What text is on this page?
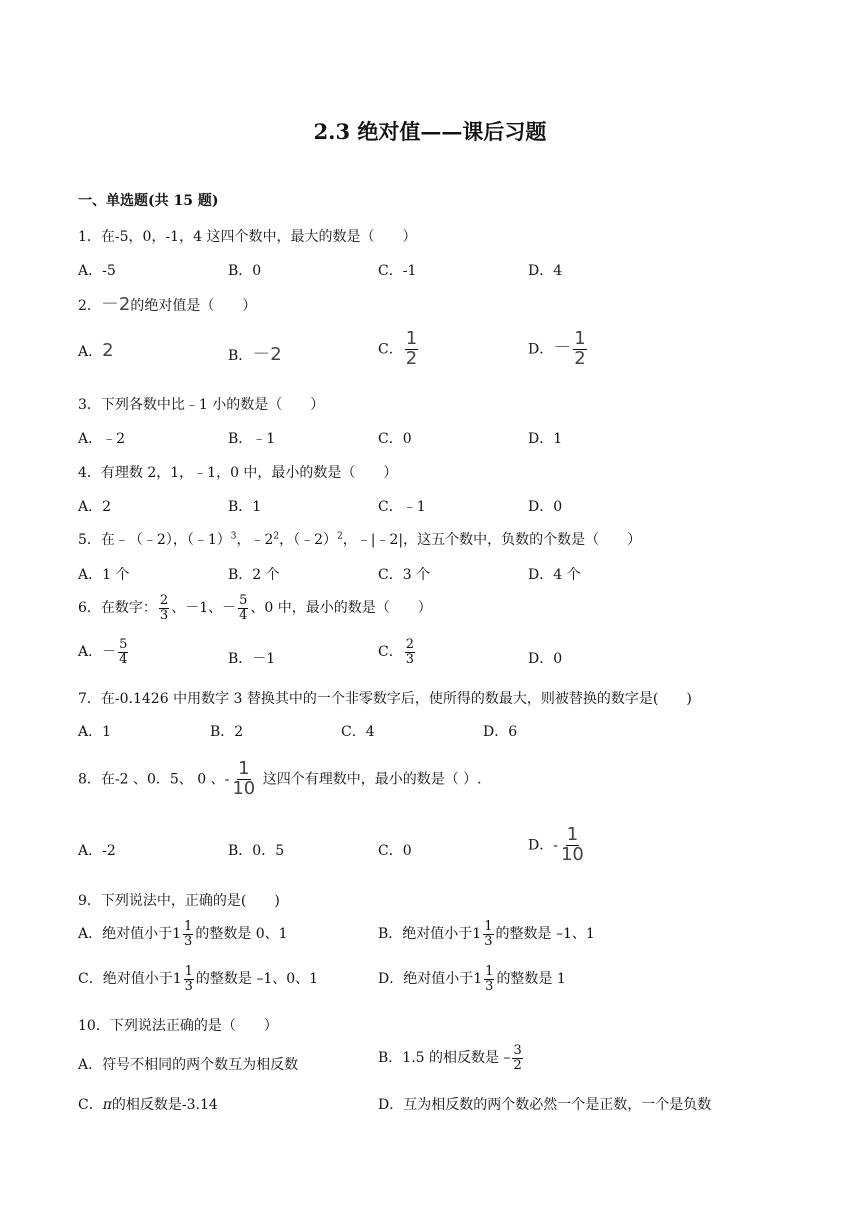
2.3 绝对值——课后习题
一、单选题(共 15 题)
1．在-5，0，-1，4 这四个数中，最大的数是（　　）
A．-5	B．0	C．-1	D．4
2．－2的绝对值是（　　）
A．2	B．－2	C． $\frac{1}{2}$	D．－ $\frac{1}{2}$
3．下列各数中比﹣1 小的数是（　　）
A．﹣2	B．﹣1	C．0	D．1
4．有理数 2，1，﹣1，0 中，最小的数是（　　）
A．2	B．1	C．﹣1	D．0
5．在﹣（﹣2），（﹣1）$^3$，$﹣2^2$，（﹣2）$^2$，﹣|﹣2|，这五个数中，负数的个数是（　　）
A．1 个	B．2 个	C．3 个	D．4 个
6．在数字： $\frac{2}{3}$ 、－1、－ $\frac{5}{4}$ 、0 中，最小的数是（　　）
A．－ $\frac{5}{4}$	B．－1	C． $\frac{2}{3}$	D．0
7．在-0.1426 中用数字 3 替换其中的一个非零数字后，使所得的数最大，则被替换的数字是(　　)
A．1	B．2	C．4	D．6
8．在-2 、0．5、 0 、- $\frac{1}{10}$ 这四个有理数中，最小的数是（ ）.
A．-2	B．0．5	C．0	D．- $\frac{1}{10}$
9．下列说法中，正确的是(　　)
A．绝对值小于 $1 \frac{1}{3}$ 的整数是 0、1	B．绝对值小于 $1 \frac{1}{3}$ 的整数是 –1、1
C．绝对值小于 $1 \frac{1}{3}$ 的整数是 –1、0、1	D．绝对值小于 $1 \frac{1}{3}$ 的整数是 1
10．下列说法正确的是（　　）
A．符号不相同的两个数互为相反数	B．1.5 的相反数是 – $\frac{3}{2}$
C．π的相反数是-3.14	D．互为相反数的两个数必然一个是正数，一个是负数
